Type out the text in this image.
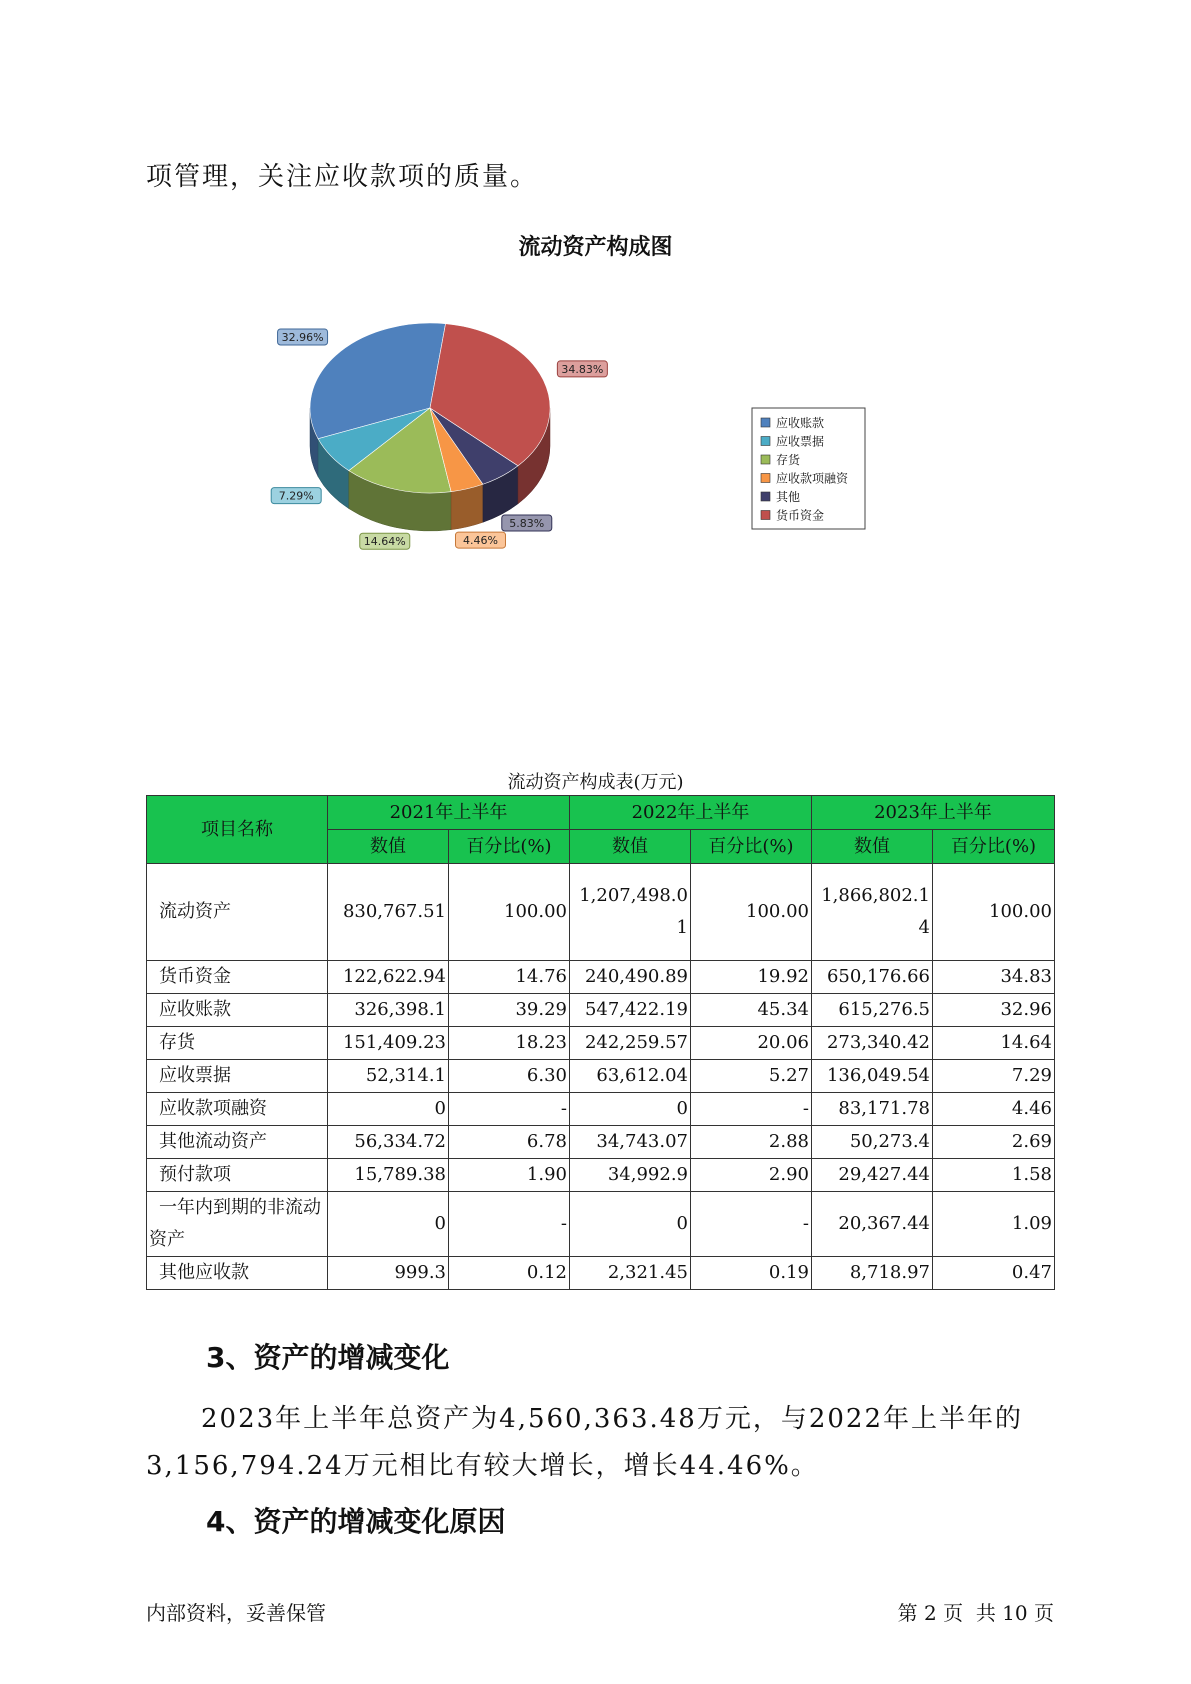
项管理，关注应收款项的质量。
流动资产构成图
32.96%
7.29%
14.64%	4.46%
5.83%
34.83%
应收账款
应收票据
存货
应收款项融资
其他
货币资金
流动资产构成表(万元)
项目名称	2021年上半年		2022年上半年		2023年上半年	
	数值	百分比(%)	数值	百分比(%)	数值	百分比(%)
流动资产	830,767.51	100.00	1,207,498.01	100.00	1,866,802.14	100.00
货币资金	122,622.94	14.76	240,490.89	19.92	650,176.66	34.83
应收账款	326,398.1	39.29	547,422.19	45.34	615,276.5	32.96
存货	151,409.23	18.23	242,259.57	20.06	273,340.42	14.64
应收票据	52,314.1	6.30	63,612.04	5.27	136,049.54	7.29
应收款项融资	0	-	0	-	83,171.78	4.46
其他流动资产	56,334.72	6.78	34,743.07	2.88	50,273.4	2.69
预付款项	15,789.38	1.90	34,992.9	2.90	29,427.44	1.58

一年内到期的非流动资产	0	-	0	-	20,367.44	1.09
其他应收款	999.3	0.12	2,321.45	0.19	8,718.97	0.47
3、资产的增减变化
2023年上半年总资产为4,560,363.48万元，与2022年上半年的
3,156,794.24万元相比有较大增长，增长44.46%。
4、资产的增减变化原因
内部资料，妥善保管	第 2 页  共 10 页
